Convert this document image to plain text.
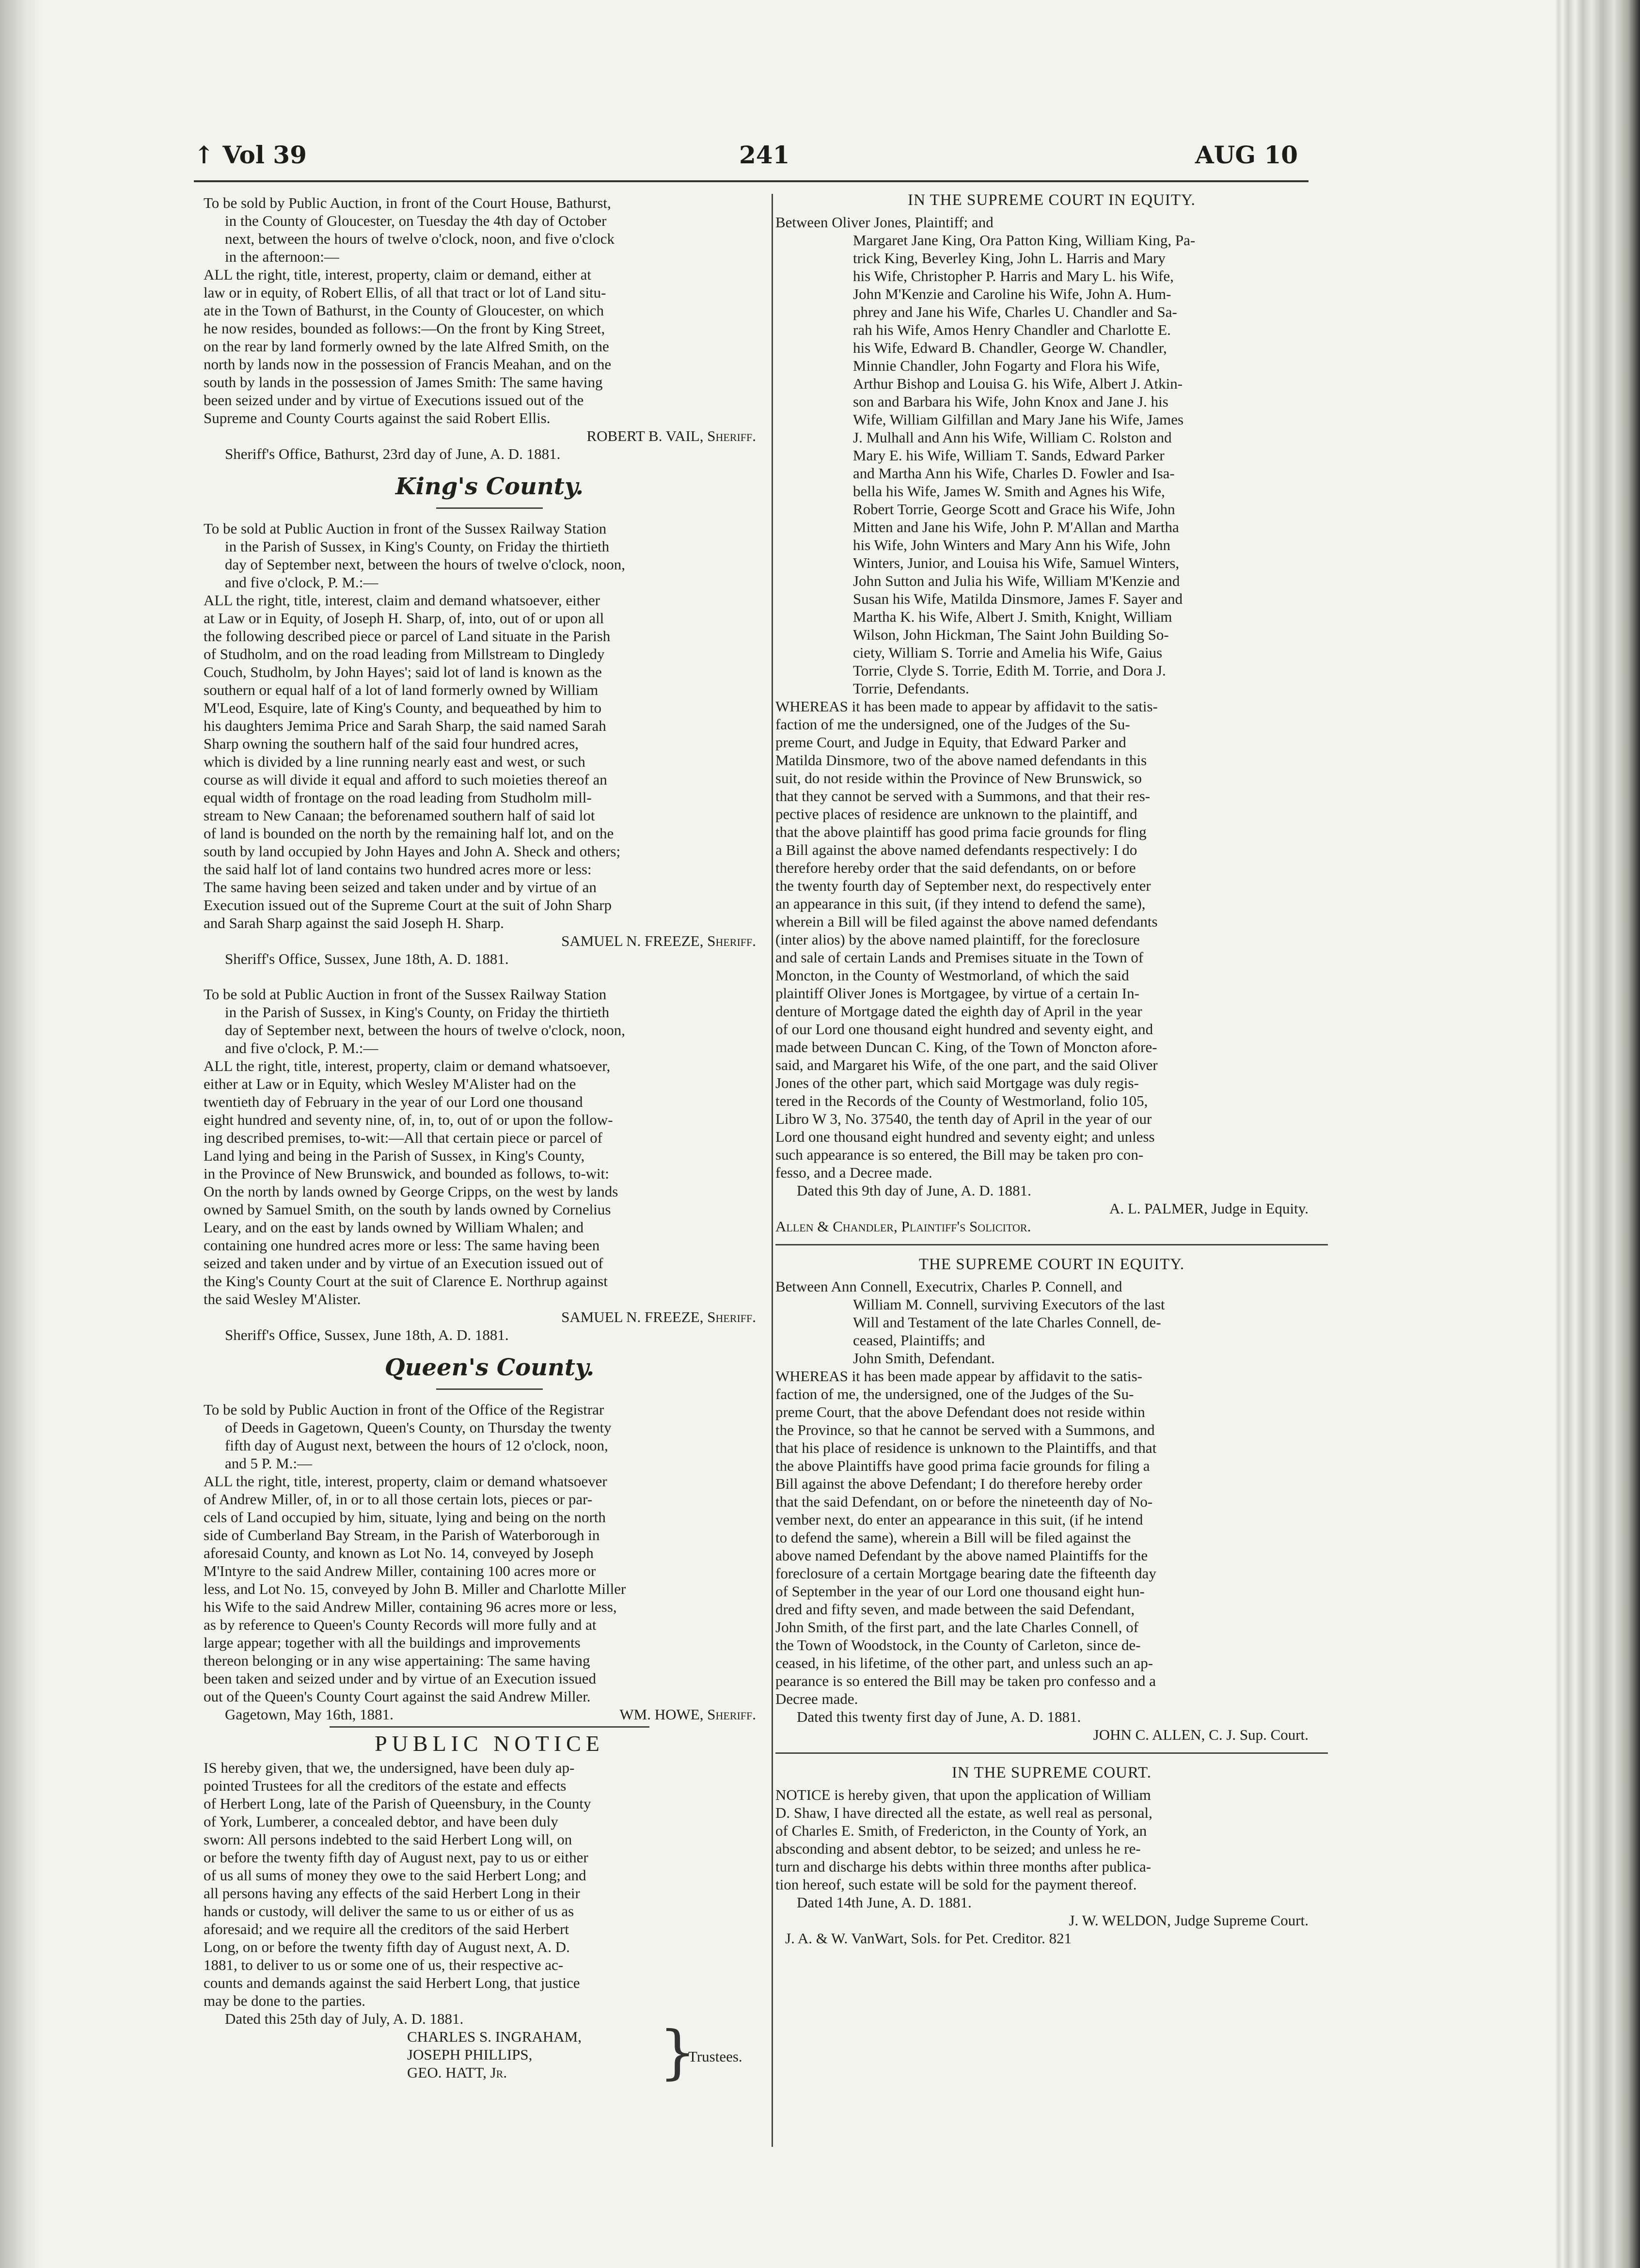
↑ Vol 39	241	AUG 10
To be sold by Public Auction, in front of the Court House, Bathurst,
in the County of Gloucester, on Tuesday the 4th day of October
next, between the hours of twelve o'clock, noon, and five o'clock
in the afternoon:—
ALL the right, title, interest, property, claim or demand, either at
law or in equity, of Robert Ellis, of all that tract or lot of Land situ-
ate in the Town of Bathurst, in the County of Gloucester, on which
he now resides, bounded as follows:—On the front by King Street,
on the rear by land formerly owned by the late Alfred Smith, on the
north by lands now in the possession of Francis Meahan, and on the
south by lands in the possession of James Smith: The same having
been seized under and by virtue of Executions issued out of the
Supreme and County Courts against the said Robert Ellis.
ROBERT B. VAIL, Sheriff.
Sheriff's Office, Bathurst, 23rd day of June, A. D. 1881.
King's County.
To be sold at Public Auction in front of the Sussex Railway Station
in the Parish of Sussex, in King's County, on Friday the thirtieth
day of September next, between the hours of twelve o'clock, noon,
and five o'clock, P. M.:—
ALL the right, title, interest, claim and demand whatsoever, either
at Law or in Equity, of Joseph H. Sharp, of, into, out of or upon all
the following described piece or parcel of Land situate in the Parish
of Studholm, and on the road leading from Millstream to Dingledy
Couch, Studholm, by John Hayes'; said lot of land is known as the
southern or equal half of a lot of land formerly owned by William
M'Leod, Esquire, late of King's County, and bequeathed by him to
his daughters Jemima Price and Sarah Sharp, the said named Sarah
Sharp owning the southern half of the said four hundred acres,
which is divided by a line running nearly east and west, or such
course as will divide it equal and afford to such moieties thereof an
equal width of frontage on the road leading from Studholm mill-
stream to New Canaan; the beforenamed southern half of said lot
of land is bounded on the north by the remaining half lot, and on the
south by land occupied by John Hayes and John A. Sheck and others;
the said half lot of land contains two hundred acres more or less:
The same having been seized and taken under and by virtue of an
Execution issued out of the Supreme Court at the suit of John Sharp
and Sarah Sharp against the said Joseph H. Sharp.
SAMUEL N. FREEZE, Sheriff.
Sheriff's Office, Sussex, June 18th, A. D. 1881.
To be sold at Public Auction in front of the Sussex Railway Station
in the Parish of Sussex, in King's County, on Friday the thirtieth
day of September next, between the hours of twelve o'clock, noon,
and five o'clock, P. M.:—
ALL the right, title, interest, property, claim or demand whatsoever,
either at Law or in Equity, which Wesley M'Alister had on the
twentieth day of February in the year of our Lord one thousand
eight hundred and seventy nine, of, in, to, out of or upon the follow-
ing described premises, to-wit:—All that certain piece or parcel of
Land lying and being in the Parish of Sussex, in King's County,
in the Province of New Brunswick, and bounded as follows, to-wit:
On the north by lands owned by George Cripps, on the west by lands
owned by Samuel Smith, on the south by lands owned by Cornelius
Leary, and on the east by lands owned by William Whalen; and
containing one hundred acres more or less: The same having been
seized and taken under and by virtue of an Execution issued out of
the King's County Court at the suit of Clarence E. Northrup against
the said Wesley M'Alister.
SAMUEL N. FREEZE, Sheriff.
Sheriff's Office, Sussex, June 18th, A. D. 1881.
Queen's County.
To be sold by Public Auction in front of the Office of the Registrar
of Deeds in Gagetown, Queen's County, on Thursday the twenty
fifth day of August next, between the hours of 12 o'clock, noon,
and 5 P. M.:—
ALL the right, title, interest, property, claim or demand whatsoever
of Andrew Miller, of, in or to all those certain lots, pieces or par-
cels of Land occupied by him, situate, lying and being on the north
side of Cumberland Bay Stream, in the Parish of Waterborough in
aforesaid County, and known as Lot No. 14, conveyed by Joseph
M'Intyre to the said Andrew Miller, containing 100 acres more or
less, and Lot No. 15, conveyed by John B. Miller and Charlotte Miller
his Wife to the said Andrew Miller, containing 96 acres more or less,
as by reference to Queen's County Records will more fully and at
large appear; together with all the buildings and improvements
thereon belonging or in any wise appertaining: The same having
been taken and seized under and by virtue of an Execution issued
out of the Queen's County Court against the said Andrew Miller.
Gagetown, May 16th, 1881.	WM. HOWE, Sheriff.
PUBLIC NOTICE
IS hereby given, that we, the undersigned, have been duly ap-
pointed Trustees for all the creditors of the estate and effects
of Herbert Long, late of the Parish of Queensbury, in the County
of York, Lumberer, a concealed debtor, and have been duly
sworn: All persons indebted to the said Herbert Long will, on
or before the twenty fifth day of August next, pay to us or either
of us all sums of money they owe to the said Herbert Long; and
all persons having any effects of the said Herbert Long in their
hands or custody, will deliver the same to us or either of us as
aforesaid; and we require all the creditors of the said Herbert
Long, on or before the twenty fifth day of August next, A. D.
1881, to deliver to us or some one of us, their respective ac-
counts and demands against the said Herbert Long, that justice
may be done to the parties.
Dated this 25th day of July, A. D. 1881.
CHARLES S. INGRAHAM,
JOSEPH PHILLIPS,
GEO. HATT, Jr.	}
Trustees.
IN THE SUPREME COURT IN EQUITY.
Between Oliver Jones, Plaintiff; and
Margaret Jane King, Ora Patton King, William King, Pa-
trick King, Beverley King, John L. Harris and Mary
his Wife, Christopher P. Harris and Mary L. his Wife,
John M'Kenzie and Caroline his Wife, John A. Hum-
phrey and Jane his Wife, Charles U. Chandler and Sa-
rah his Wife, Amos Henry Chandler and Charlotte E.
his Wife, Edward B. Chandler, George W. Chandler,
Minnie Chandler, John Fogarty and Flora his Wife,
Arthur Bishop and Louisa G. his Wife, Albert J. Atkin-
son and Barbara his Wife, John Knox and Jane J. his
Wife, William Gilfillan and Mary Jane his Wife, James
J. Mulhall and Ann his Wife, William C. Rolston and
Mary E. his Wife, William T. Sands, Edward Parker
and Martha Ann his Wife, Charles D. Fowler and Isa-
bella his Wife, James W. Smith and Agnes his Wife,
Robert Torrie, George Scott and Grace his Wife, John
Mitten and Jane his Wife, John P. M'Allan and Martha
his Wife, John Winters and Mary Ann his Wife, John
Winters, Junior, and Louisa his Wife, Samuel Winters,
John Sutton and Julia his Wife, William M'Kenzie and
Susan his Wife, Matilda Dinsmore, James F. Sayer and
Martha K. his Wife, Albert J. Smith, Knight, William
Wilson, John Hickman, The Saint John Building So-
ciety, William S. Torrie and Amelia his Wife, Gaius
Torrie, Clyde S. Torrie, Edith M. Torrie, and Dora J.
Torrie, Defendants.
WHEREAS it has been made to appear by affidavit to the satis-
faction of me the undersigned, one of the Judges of the Su-
preme Court, and Judge in Equity, that Edward Parker and
Matilda Dinsmore, two of the above named defendants in this
suit, do not reside within the Province of New Brunswick, so
that they cannot be served with a Summons, and that their res-
pective places of residence are unknown to the plaintiff, and
that the above plaintiff has good prima facie grounds for fling
a Bill against the above named defendants respectively: I do
therefore hereby order that the said defendants, on or before
the twenty fourth day of September next, do respectively enter
an appearance in this suit, (if they intend to defend the same),
wherein a Bill will be filed against the above named defendants
(inter alios) by the above named plaintiff, for the foreclosure
and sale of certain Lands and Premises situate in the Town of
Moncton, in the County of Westmorland, of which the said
plaintiff Oliver Jones is Mortgagee, by virtue of a certain In-
denture of Mortgage dated the eighth day of April in the year
of our Lord one thousand eight hundred and seventy eight, and
made between Duncan C. King, of the Town of Moncton afore-
said, and Margaret his Wife, of the one part, and the said Oliver
Jones of the other part, which said Mortgage was duly regis-
tered in the Records of the County of Westmorland, folio 105,
Libro W 3, No. 37540, the tenth day of April in the year of our
Lord one thousand eight hundred and seventy eight; and unless
such appearance is so entered, the Bill may be taken pro con-
fesso, and a Decree made.
Dated this 9th day of June, A. D. 1881.
A. L. PALMER, Judge in Equity.
Allen & Chandler, Plaintiff's Solicitor.
THE SUPREME COURT IN EQUITY.
Between Ann Connell, Executrix, Charles P. Connell, and
William M. Connell, surviving Executors of the last
Will and Testament of the late Charles Connell, de-
ceased, Plaintiffs; and
John Smith, Defendant.
WHEREAS it has been made appear by affidavit to the satis-
faction of me, the undersigned, one of the Judges of the Su-
preme Court, that the above Defendant does not reside within
the Province, so that he cannot be served with a Summons, and
that his place of residence is unknown to the Plaintiffs, and that
the above Plaintiffs have good prima facie grounds for filing a
Bill against the above Defendant; I do therefore hereby order
that the said Defendant, on or before the nineteenth day of No-
vember next, do enter an appearance in this suit, (if he intend
to defend the same), wherein a Bill will be filed against the
above named Defendant by the above named Plaintiffs for the
foreclosure of a certain Mortgage bearing date the fifteenth day
of September in the year of our Lord one thousand eight hun-
dred and fifty seven, and made between the said Defendant,
John Smith, of the first part, and the late Charles Connell, of
the Town of Woodstock, in the County of Carleton, since de-
ceased, in his lifetime, of the other part, and unless such an ap-
pearance is so entered the Bill may be taken pro confesso and a
Decree made.
Dated this twenty first day of June, A. D. 1881.
JOHN C. ALLEN, C. J. Sup. Court.
IN THE SUPREME COURT.
NOTICE is hereby given, that upon the application of William
D. Shaw, I have directed all the estate, as well real as personal,
of Charles E. Smith, of Fredericton, in the County of York, an
absconding and absent debtor, to be seized; and unless he re-
turn and discharge his debts within three months after publica-
tion hereof, such estate will be sold for the payment thereof.
Dated 14th June, A. D. 1881.
J. W. WELDON, Judge Supreme Court.
J. A. & W. VanWart, Sols. for Pet. Creditor. 821
